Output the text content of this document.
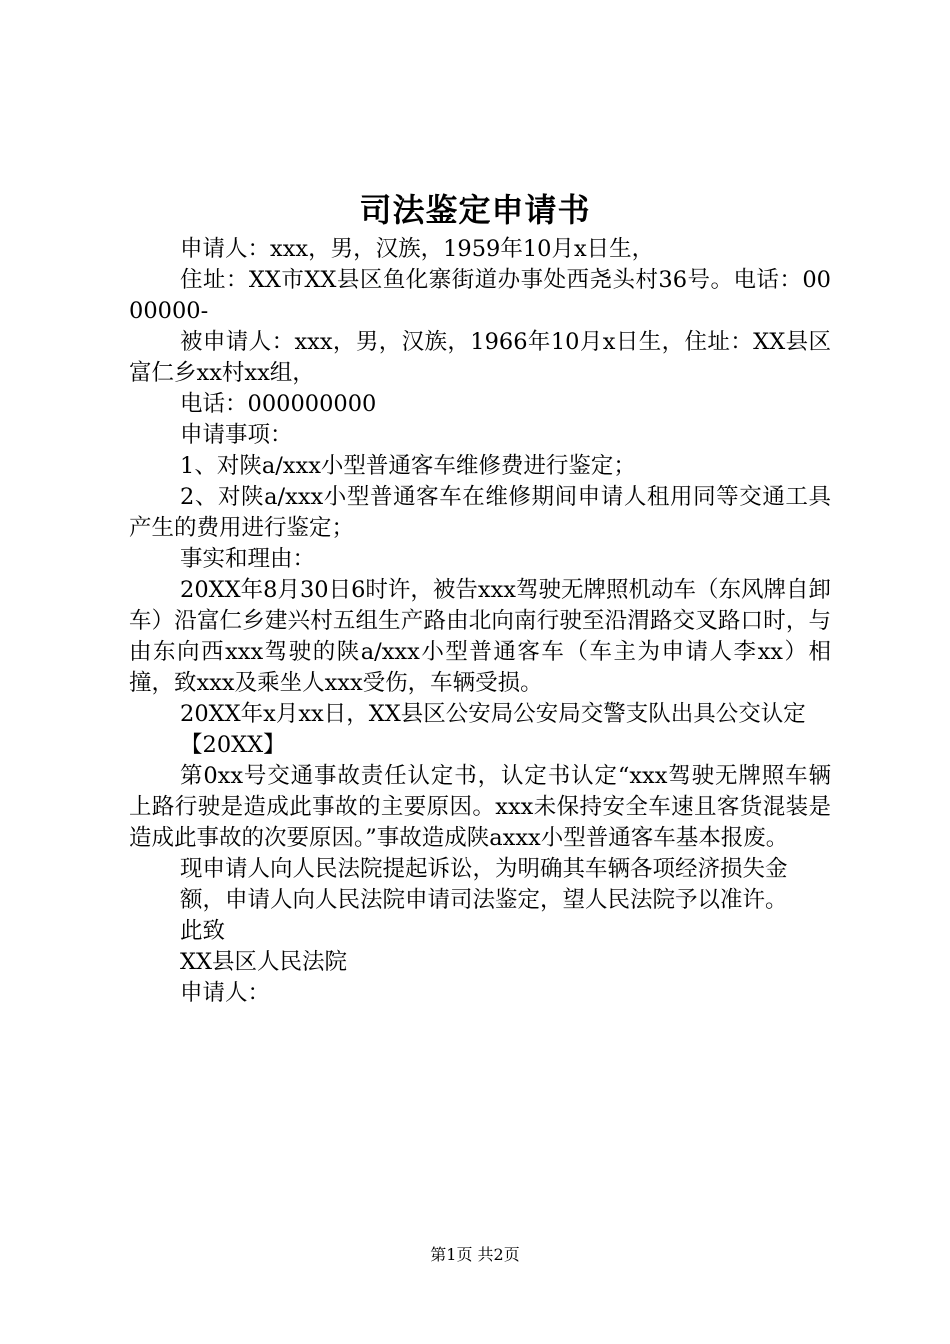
司法鉴定申请书

申请人：xxx，男，汉族，1959年10月x日生，

住址：XX市XX县区鱼化寨街道办事处西尧头村36号。电话：0000000-

被申请人：xxx，男，汉族，1966年10月x日生，住址：XX县区富仁乡xx村xx组，

电话：000000000

申请事项：

1、对陕a/xxx小型普通客车维修费进行鉴定；

2、对陕a/xxx小型普通客车在维修期间申请人租用同等交通工具产生的费用进行鉴定；

事实和理由：

20XX年8月30日6时许，被告xxx驾驶无牌照机动车（东风牌自卸车）沿富仁乡建兴村五组生产路由北向南行驶至沿渭路交叉路口时，与由东向西xxx驾驶的陕a/xxx小型普通客车（车主为申请人李xx）相撞，致xxx及乘坐人xxx受伤，车辆受损。

20XX年x月xx日，XX县区公安局公安局交警支队出具公交认定

【20XX】

第0xx号交通事故责任认定书，认定书认定“xxx驾驶无牌照车辆上路行驶是造成此事故的主要原因。xxx未保持安全车速且客货混装是造成此事故的次要原因。”事故造成陕axxx小型普通客车基本报废。

现申请人向人民法院提起诉讼，为明确其车辆各项经济损失金

额，申请人向人民法院申请司法鉴定，望人民法院予以准许。

此致

XX县区人民法院

申请人：

第1页 共2页
